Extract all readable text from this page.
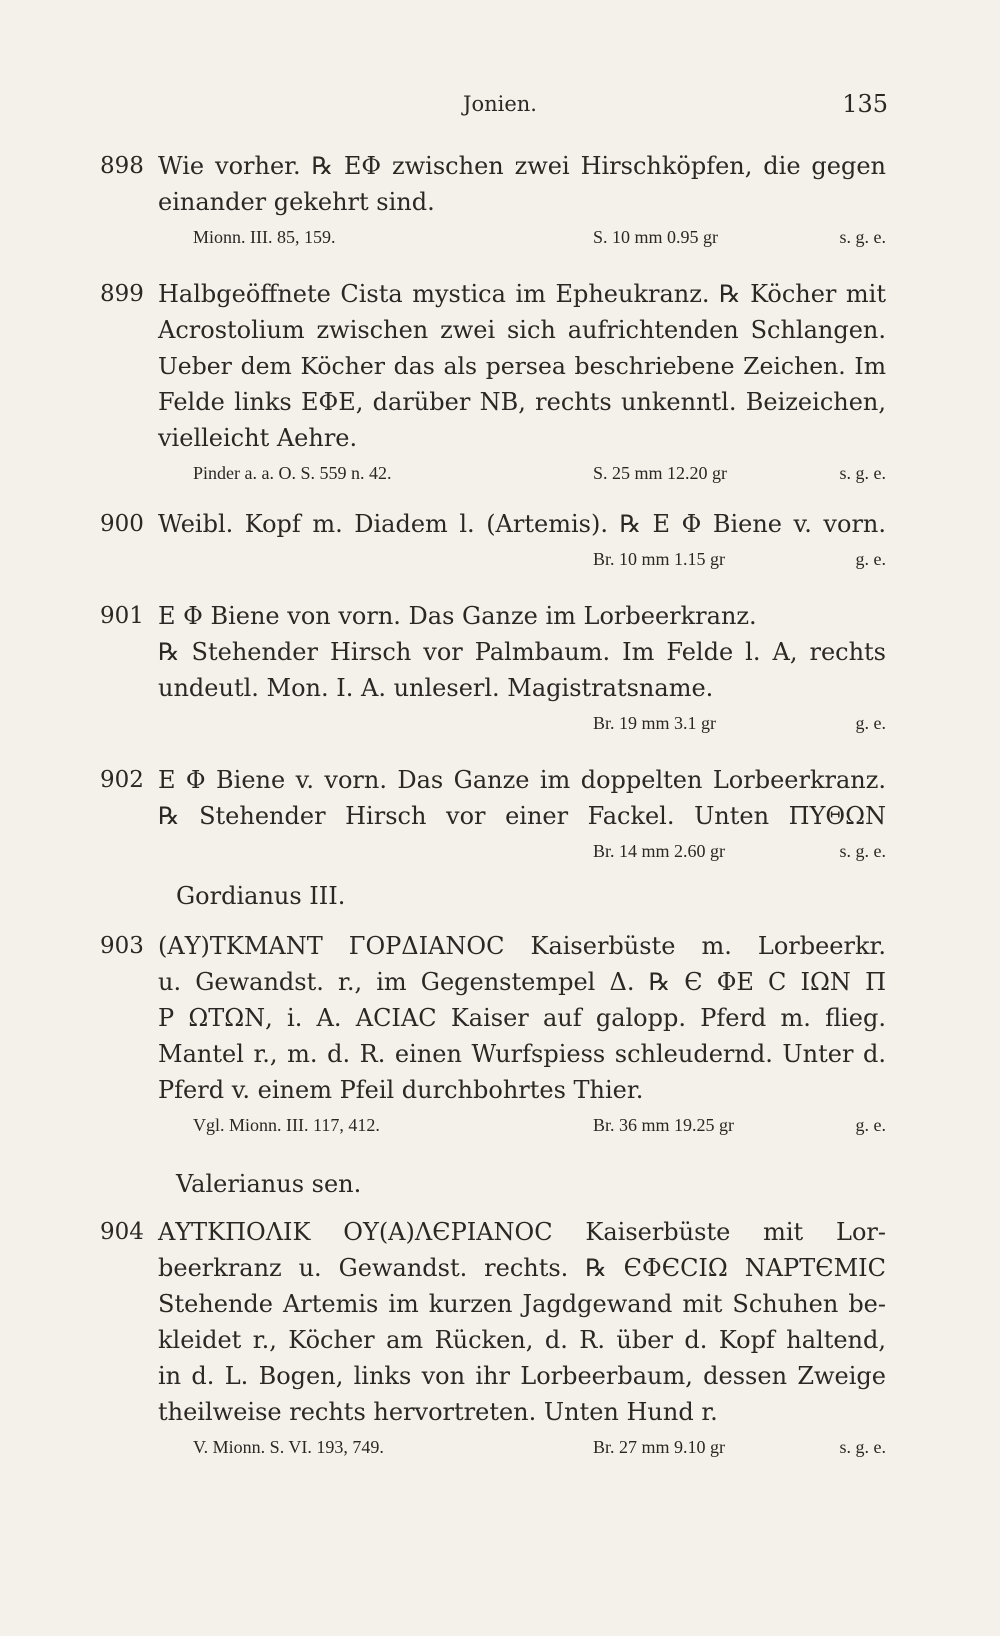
Jonien.	135
898 Wie vorher. ℞ ΕΦ zwischen zwei Hirschköpfen, die gegen
einander gekehrt sind.
Mionn. III. 85, 159.	S. 10 mm 0.95 gr	s. g. e.
899 Halbgeöffnete Cista mystica im Epheukranz. ℞ Köcher mit
Acrostolium zwischen zwei sich aufrichtenden Schlangen.
Ueber dem Köcher das als persea beschriebene Zeichen. Im
Felde links ΕΦΕ, darüber ΝΒ, rechts unkenntl. Beizeichen,
vielleicht Aehre.
Pinder a. a. O. S. 559 n. 42.	S. 25 mm 12.20 gr	s. g. e.
900 Weibl. Kopf m. Diadem l. (Artemis). ℞ Ε Φ Biene v. vorn.
Br. 10 mm 1.15 gr	g. e.
901 Ε Φ Biene von vorn. Das Ganze im Lorbeerkranz.
℞ Stehender Hirsch vor Palmbaum. Im Felde l. Α, rechts
undeutl. Mon. I. A. unleserl. Magistratsname.
Br. 19 mm 3.1 gr	g. e.
902 Ε Φ Biene v. vorn. Das Ganze im doppelten Lorbeerkranz.
℞ Stehender Hirsch vor einer Fackel. Unten ΠΥΘΩΝ
Br. 14 mm 2.60 gr	s. g. e.
Gordianus III.
903 (ΑΥ)ΤΚΜΑΝΤ ΓΟΡΔΙΑΝΟC Kaiserbüste m. Lorbeerkr.
u. Gewandst. r., im Gegenstempel Δ. ℞ Є ΦΕ Ϲ ΙΩΝ Π
Ρ ΩΤΩΝ, i. A. ΑCΙΑC Kaiser auf galopp. Pferd m. flieg.
Mantel r., m. d. R. einen Wurfspiess schleudernd. Unter d.
Pferd v. einem Pfeil durchbohrtes Thier.
Vgl. Mionn. III. 117, 412.	Br. 36 mm 19.25 gr	g. e.
Valerianus sen.
904 ΑΥΤΚΠΟΛΙΚ ΟΥ(Α)ΛЄΡΙΑΝΟC Kaiserbüste mit Lor-
beerkranz u. Gewandst. rechts. ℞ ЄΦЄCΙΩ ΝΑΡΤЄΜΙC
Stehende Artemis im kurzen Jagdgewand mit Schuhen be-
kleidet r., Köcher am Rücken, d. R. über d. Kopf haltend,
in d. L. Bogen, links von ihr Lorbeerbaum, dessen Zweige
theilweise rechts hervortreten. Unten Hund r.
V. Mionn. S. VI. 193, 749.	Br. 27 mm 9.10 gr	s. g. e.
